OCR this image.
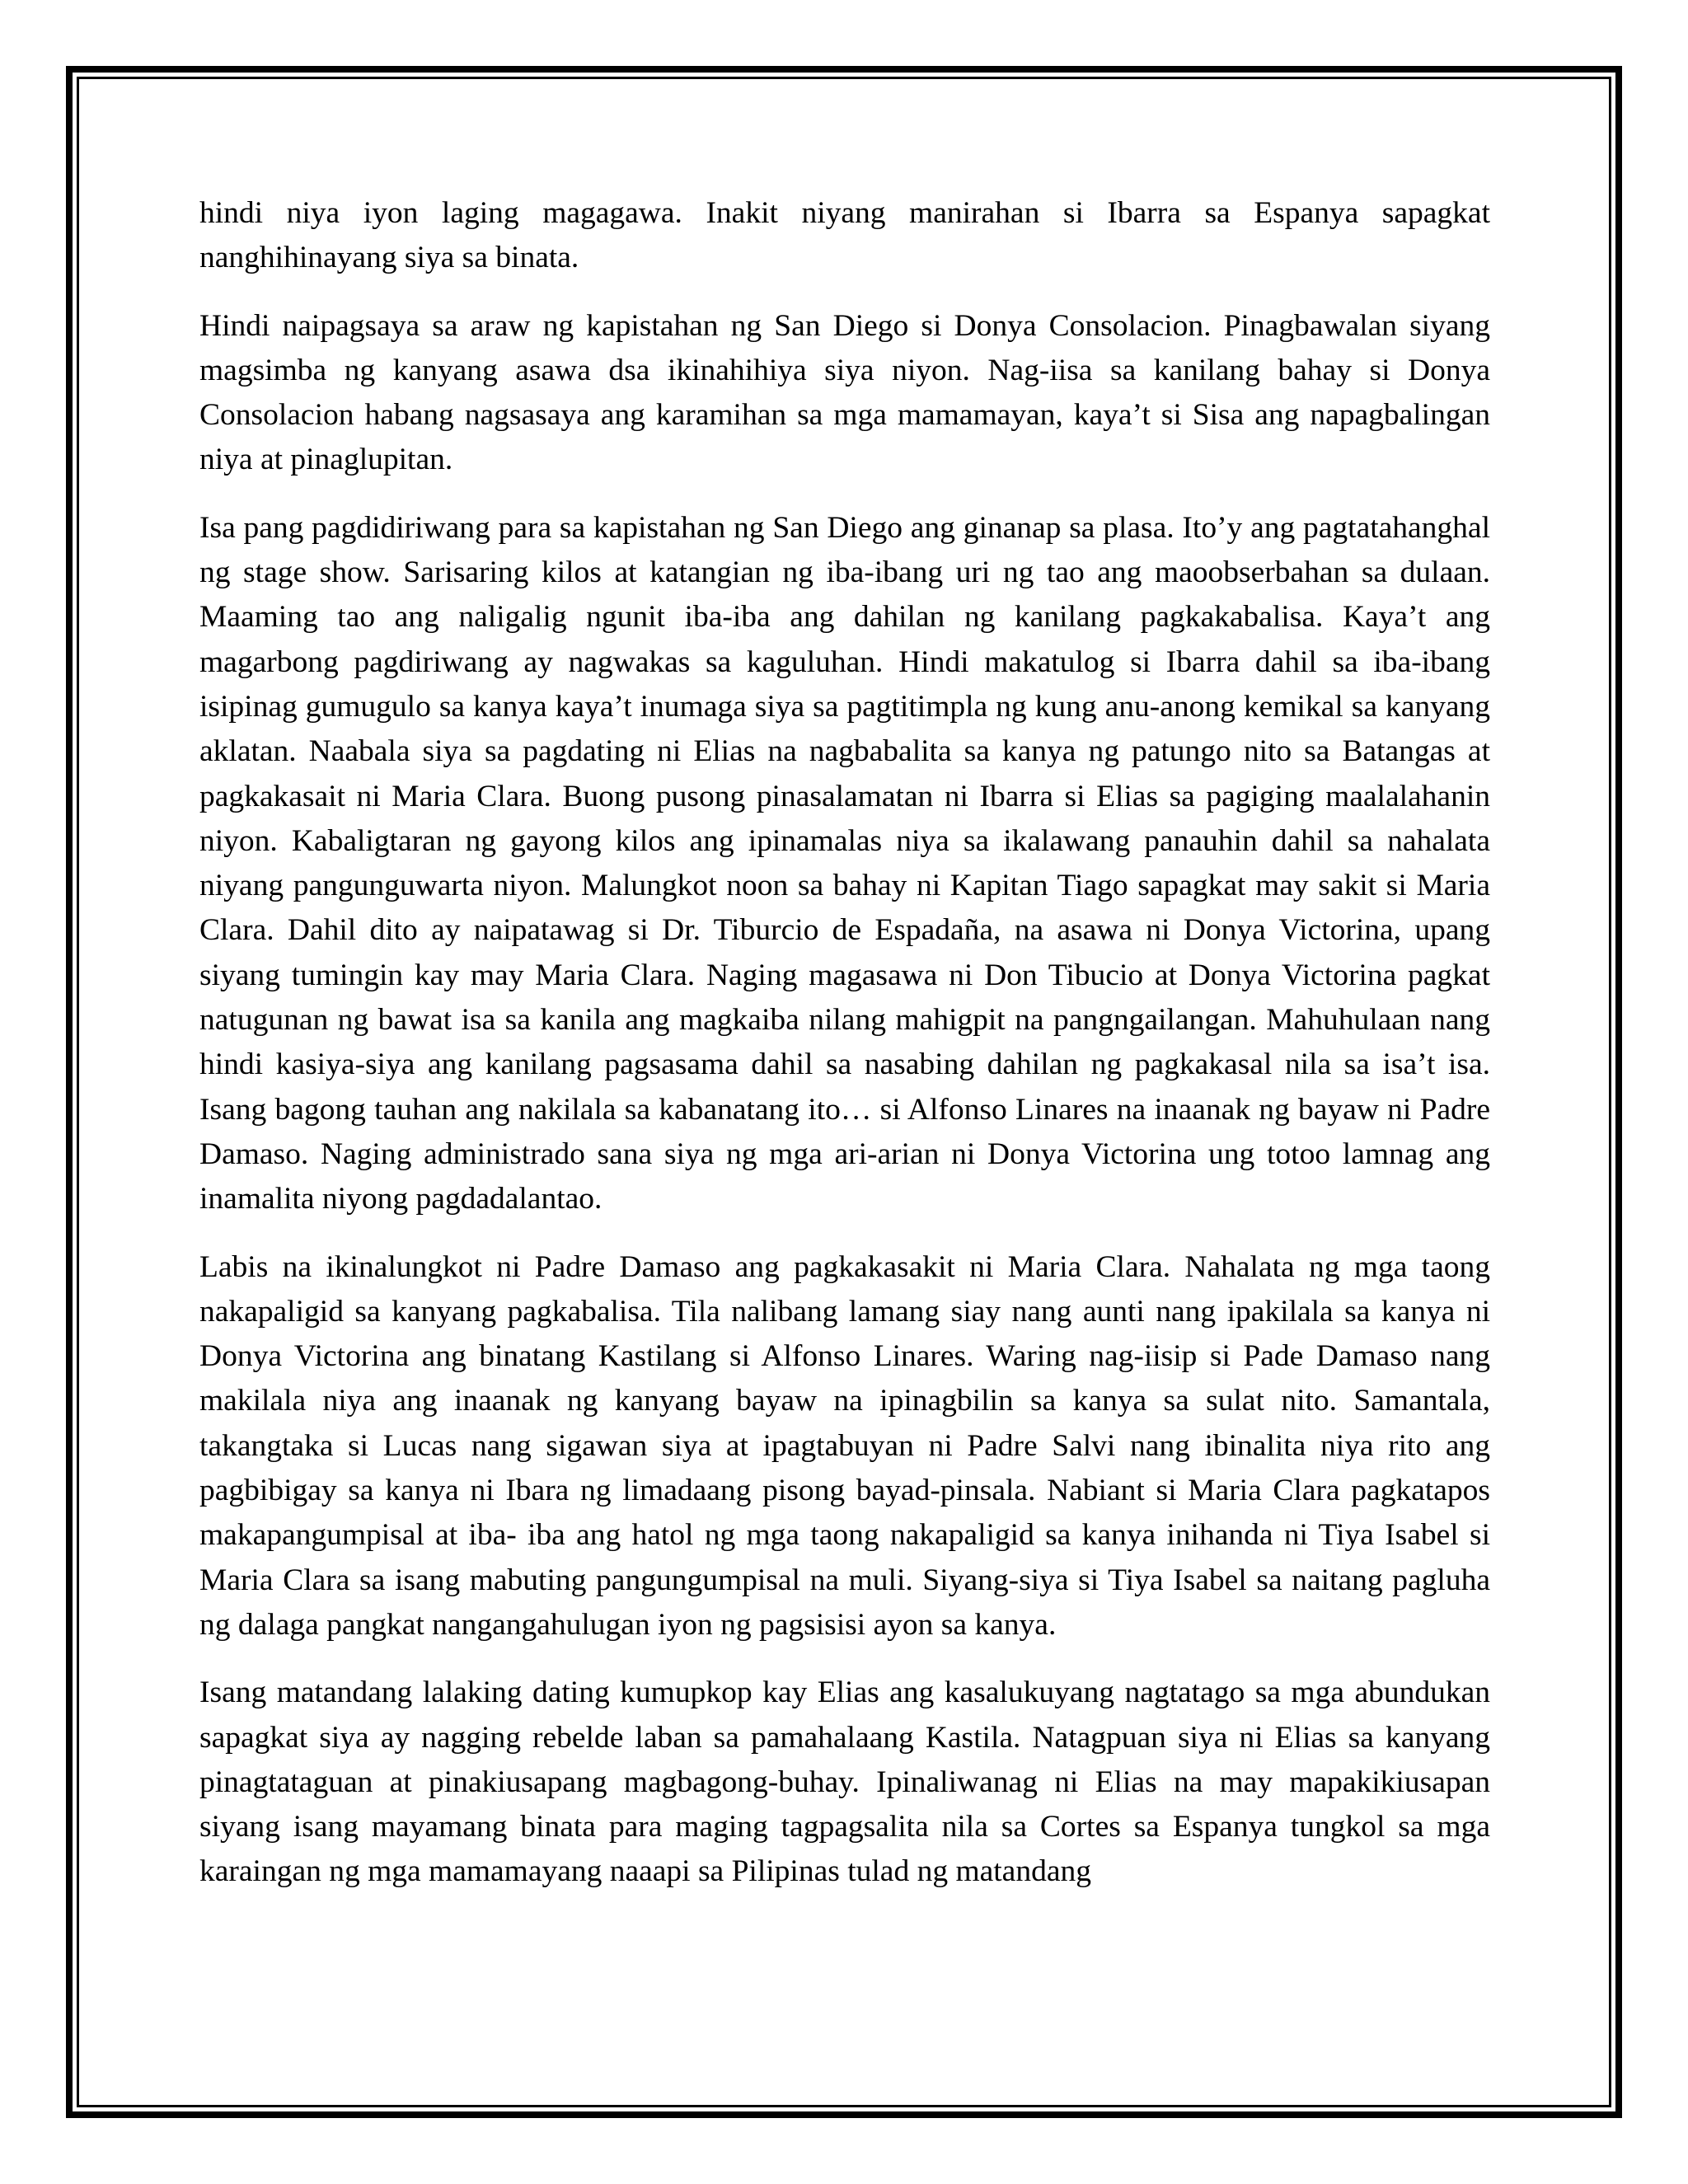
hindi niya iyon laging magagawa. Inakit niyang manirahan si Ibarra sa Espanya sapagkat nanghihinayang siya sa binata.

Hindi naipagsaya sa araw ng kapistahan ng San Diego si Donya Consolacion. Pinagbawalan siyang magsimba ng kanyang asawa dsa ikinahihiya siya niyon. Nag-iisa sa kanilang bahay si Donya Consolacion habang nagsasaya ang karamihan sa mga mamamayan, kaya’t si Sisa ang napagbalingan niya at pinaglupitan.

Isa pang pagdidiriwang para sa kapistahan ng San Diego ang ginanap sa plasa. Ito’y ang pagtatahanghal ng stage show. Sarisaring kilos at katangian ng iba-ibang uri ng tao ang maoobserbahan sa dulaan. Maaming tao ang naligalig ngunit iba-iba ang dahilan ng kanilang pagkakabalisa. Kaya’t ang magarbong pagdiriwang ay nagwakas sa kaguluhan. Hindi makatulog si Ibarra dahil sa iba-ibang isipinag gumugulo sa kanya kaya’t inumaga siya sa pagtitimpla ng kung anu-anong kemikal sa kanyang aklatan. Naabala siya sa pagdating ni Elias na nagbabalita sa kanya ng patungo nito sa Batangas at pagkakasait ni Maria Clara. Buong pusong pinasalamatan ni Ibarra si Elias sa pagiging maalalahanin niyon. Kabaligtaran ng gayong kilos ang ipinamalas niya sa ikalawang panauhin dahil sa nahalata niyang pangunguwarta niyon. Malungkot noon sa bahay ni Kapitan Tiago sapagkat may sakit si Maria Clara. Dahil dito ay naipatawag si Dr. Tiburcio de Espadaña, na asawa ni Donya Victorina, upang siyang tumingin kay may Maria Clara. Naging magasawa ni Don Tibucio at Donya Victorina pagkat natugunan ng bawat isa sa kanila ang magkaiba nilang mahigpit na pangngailangan. Mahuhulaan nang hindi kasiya-siya ang kanilang pagsasama dahil sa nasabing dahilan ng pagkakasal nila sa isa’t isa. Isang bagong tauhan ang nakilala sa kabanatang ito… si Alfonso Linares na inaanak ng bayaw ni Padre Damaso. Naging administrado sana siya ng mga ari-arian ni Donya Victorina ung totoo lamnag ang inamalita niyong pagdadalantao.

Labis na ikinalungkot ni Padre Damaso ang pagkakasakit ni Maria Clara. Nahalata ng mga taong nakapaligid sa kanyang pagkabalisa. Tila nalibang lamang siay nang aunti nang ipakilala sa kanya ni Donya Victorina ang binatang Kastilang si Alfonso Linares. Waring nag-iisip si Pade Damaso nang makilala niya ang inaanak ng kanyang bayaw na ipinagbilin sa kanya sa sulat nito. Samantala, takangtaka si Lucas nang sigawan siya at ipagtabuyan ni Padre Salvi nang ibinalita niya rito ang pagbibigay sa kanya ni Ibara ng limadaang pisong bayad-pinsala. Nabiant si Maria Clara pagkatapos makapangumpisal at iba- iba ang hatol ng mga taong nakapaligid sa kanya inihanda ni Tiya Isabel si Maria Clara sa isang mabuting pangungumpisal na muli. Siyang-siya si Tiya Isabel sa naitang pagluha ng dalaga pangkat nangangahulugan iyon ng pagsisisi ayon sa kanya.

Isang matandang lalaking dating kumupkop kay Elias ang kasalukuyang nagtatago sa mga abundukan sapagkat siya ay nagging rebelde laban sa pamahalaang Kastila. Natagpuan siya ni Elias sa kanyang pinagtataguan at pinakiusapang magbagong-buhay. Ipinaliwanag ni Elias na may mapakikiusapan siyang isang mayamang binata para maging tagpagsalita nila sa Cortes sa Espanya tungkol sa mga karaingan ng mga mamamayang naaapi sa Pilipinas tulad ng matandang
